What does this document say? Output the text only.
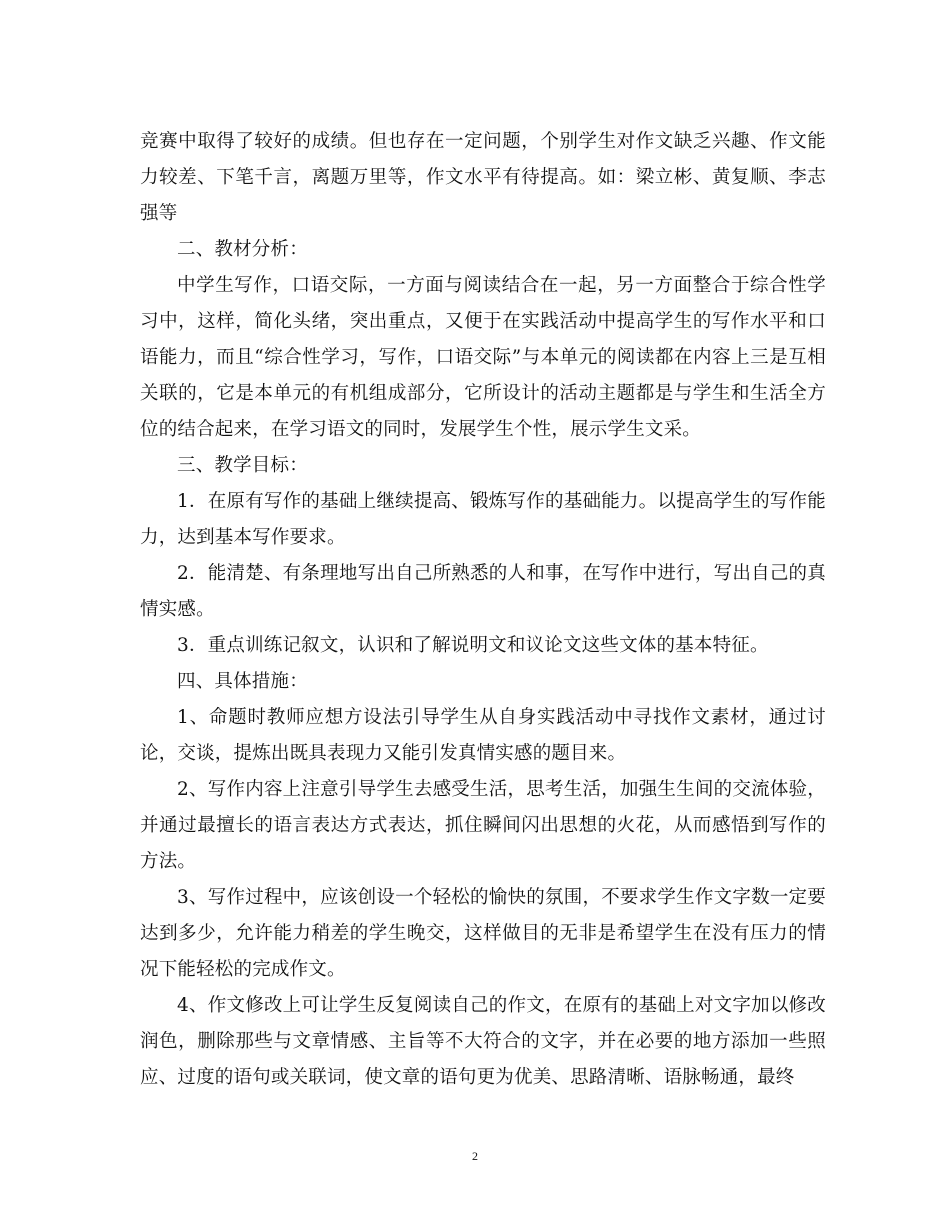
竞赛中取得了较好的成绩。但也存在一定问题，个别学生对作文缺乏兴趣、作文能力较差、下笔千言，离题万里等，作文水平有待提高。如：梁立彬、黄复顺、李志强等

二、教材分析：

中学生写作，口语交际，一方面与阅读结合在一起，另一方面整合于综合性学习中，这样，简化头绪，突出重点，又便于在实践活动中提高学生的写作水平和口语能力，而且“综合性学习，写作，口语交际”与本单元的阅读都在内容上三是互相关联的，它是本单元的有机组成部分，它所设计的活动主题都是与学生和生活全方位的结合起来，在学习语文的同时，发展学生个性，展示学生文采。

三、教学目标：

1．在原有写作的基础上继续提高、锻炼写作的基础能力。以提高学生的写作能力，达到基本写作要求。

2．能清楚、有条理地写出自己所熟悉的人和事，在写作中进行，写出自己的真情实感。

3．重点训练记叙文，认识和了解说明文和议论文这些文体的基本特征。

四、具体措施：

1、命题时教师应想方设法引导学生从自身实践活动中寻找作文素材，通过讨论，交谈，提炼出既具表现力又能引发真情实感的题目来。

2、写作内容上注意引导学生去感受生活，思考生活，加强生生间的交流体验，并通过最擅长的语言表达方式表达，抓住瞬间闪出思想的火花，从而感悟到写作的方法。

3、写作过程中，应该创设一个轻松的愉快的氛围，不要求学生作文字数一定要达到多少，允许能力稍差的学生晚交，这样做目的无非是希望学生在没有压力的情况下能轻松的完成作文。

4、作文修改上可让学生反复阅读自己的作文，在原有的基础上对文字加以修改润色，删除那些与文章情感、主旨等不大符合的文字，并在必要的地方添加一些照应、过度的语句或关联词，使文章的语句更为优美、思路清晰、语脉畅通，最终

2
